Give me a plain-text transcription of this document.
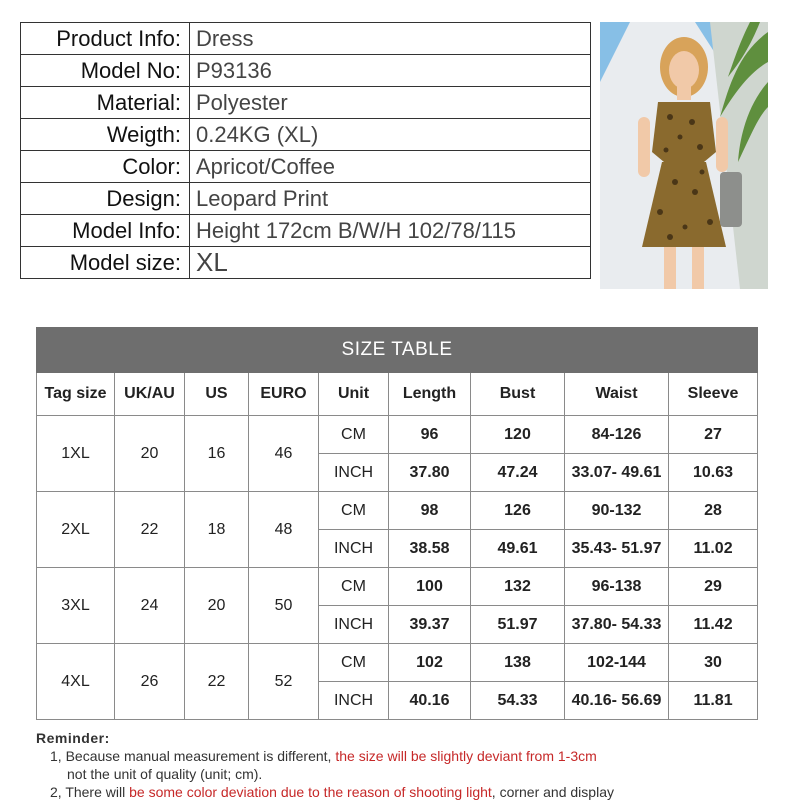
Product Info:	Dress
Model No:	P93136
Material:	Polyester
Weigth:	0.24KG (XL)
Color:	Apricot/Coffee
Design:	Leopard Print
Model Info:	Height 172cm B/W/H 102/78/115
Model size:	XL
SIZE TABLE								
Tag size	UK/AU	US	EURO	Unit	Length	Bust	Waist	Sleeve
1XL	20	16	46	CM	96	120	84-126	27
				INCH	37.80	47.24	33.07- 49.61	10.63
2XL	22	18	48	CM	98	126	90-132	28
				INCH	38.58	49.61	35.43- 51.97	11.02
3XL	24	20	50	CM	100	132	96-138	29
				INCH	39.37	51.97	37.80- 54.33	11.42
4XL	26	22	52	CM	102	138	102-144	30
				INCH	40.16	54.33	40.16- 56.69	11.81
Reminder:
1, Because manual measurement is different, the size will be slightly deviant from 1-3cm
not the unit of quality (unit; cm).
2, There will be some color deviation due to the reason of shooting light, corner and display
